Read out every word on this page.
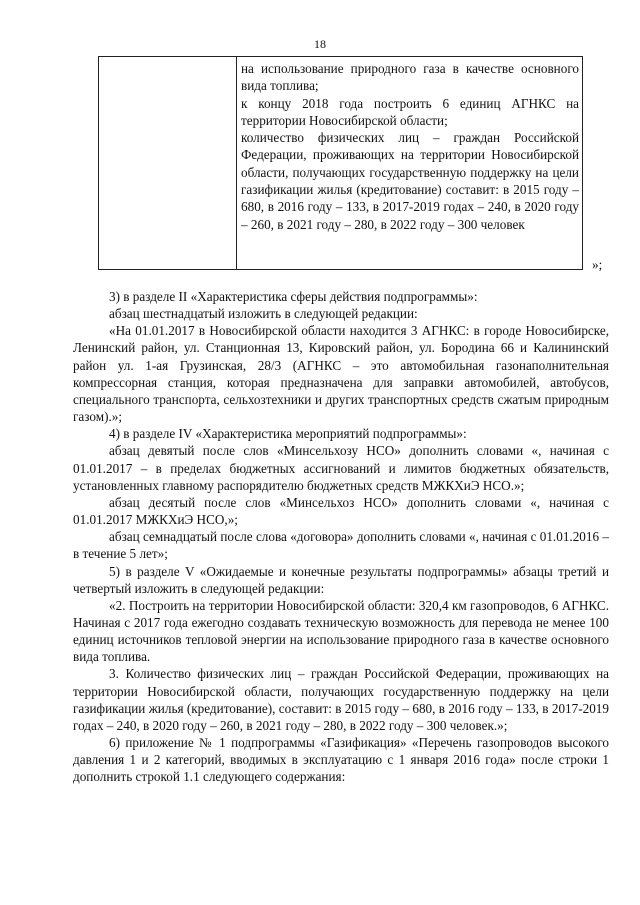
18

на использование природного газа в качестве основного вида топлива;

к концу 2018 года построить 6 единиц АГНКС на территории Новосибирской области;

количество физических лиц – граждан Российской Федерации, проживающих на территории Новосибирской области, получающих государственную поддержку на цели газификации жилья (кредитование) составит: в 2015 году – 680, в 2016 году – 133, в 2017-2019 годах – 240, в 2020 году – 260, в 2021 году – 280, в 2022 году – 300 человек

»;

3) в разделе II «Характеристика сферы действия подпрограммы»:

абзац шестнадцатый изложить в следующей редакции:

«На 01.01.2017 в Новосибирской области находится 3 АГНКС: в городе Новосибирске, Ленинский район, ул. Станционная 13, Кировский район, ул. Бородина 66 и Калининский район ул. 1-ая Грузинская, 28/3 (АГНКС – это автомобильная газонаполнительная компрессорная станция, которая предназначена для заправки автомобилей, автобусов, специального транспорта, сельхозтехники и других транспортных средств сжатым природным газом).»;

4) в разделе IV «Характеристика мероприятий подпрограммы»:

абзац девятый после слов «Минсельхозу НСО» дополнить словами «, начиная с 01.01.2017 – в пределах бюджетных ассигнований и лимитов бюджетных обязательств, установленных главному распорядителю бюджетных средств МЖКХиЭ НСО.»;

абзац десятый после слов «Минсельхоз НСО» дополнить словами «, начиная с 01.01.2017 МЖКХиЭ НСО,»;

абзац семнадцатый после слова «договора» дополнить словами «, начиная с 01.01.2016 – в течение 5 лет»;

5) в разделе V «Ожидаемые и конечные результаты подпрограммы» абзацы третий и четвертый изложить в следующей редакции:

«2. Построить на территории Новосибирской области: 320,4 км газопроводов, 6 АГНКС. Начиная с 2017 года ежегодно создавать техническую возможность для перевода не менее 100 единиц источников тепловой энергии на использование природного газа в качестве основного вида топлива.

3. Количество физических лиц – граждан Российской Федерации, проживающих на территории Новосибирской области, получающих государственную поддержку на цели газификации жилья (кредитование), составит: в 2015 году – 680, в 2016 году – 133, в 2017-2019 годах – 240, в 2020 году – 260, в 2021 году – 280, в 2022 году – 300 человек.»;

6) приложение № 1 подпрограммы «Газификация» «Перечень газопроводов высокого давления 1 и 2 категорий, вводимых в эксплуатацию с 1 января 2016 года» после строки 1 дополнить строкой 1.1 следующего содержания:
